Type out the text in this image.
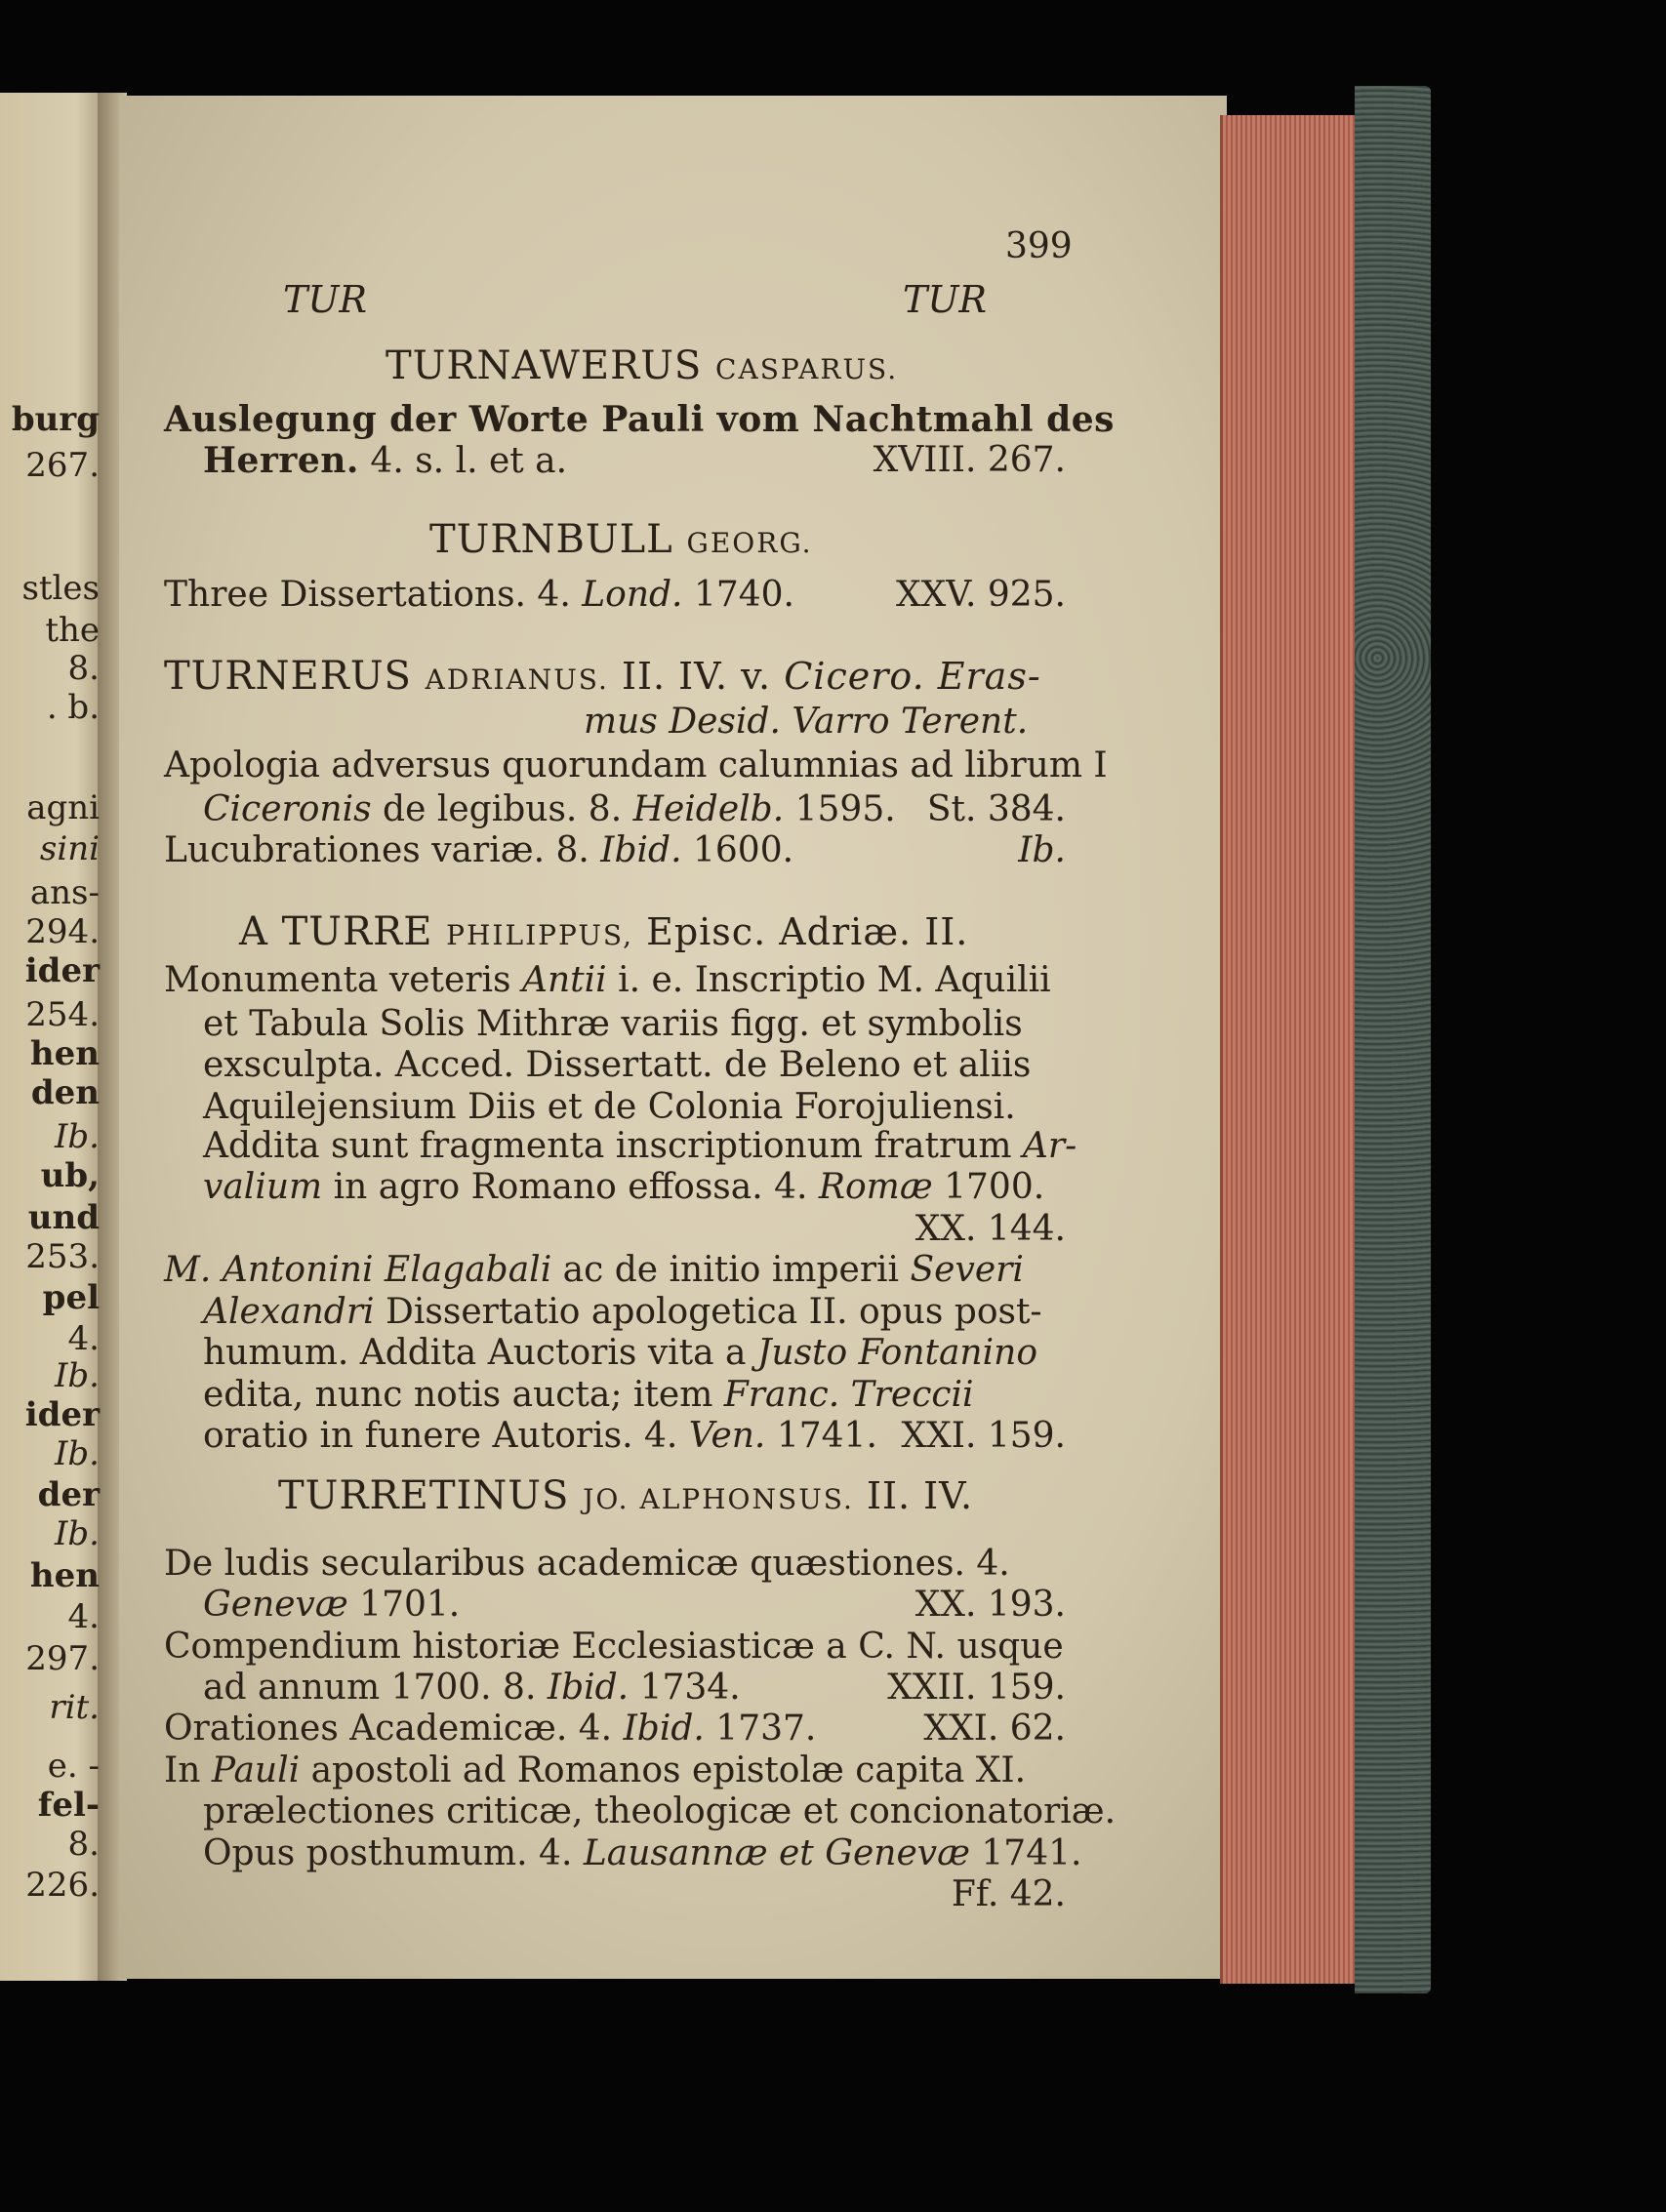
burg
267.
stles
the
8.
. b.
agni
sini
ans-
294.
ider
254.
hen
den
Ib.
ub,
und
253.
pel
4.
Ib.
ider
Ib.
der
Ib.
hen
4.
297.
rit.
e. -
fel-
8.
226.
399
TUR	TUR
TURNAWERUS CASPARUS.
Auslegung der Worte Pauli vom Nachtmahl des
Herren. 4. s. l. et a.	XVIII. 267.
TURNBULL GEORG.
Three Dissertations. 4. Lond. 1740.	XXV. 925.
TURNERUS ADRIANUS. II. IV. v. Cicero. Eras-
mus Desid. Varro Terent.
Apologia adversus quorundam calumnias ad librum I
Ciceronis de legibus. 8. Heidelb. 1595. St. 384.
Lucubrationes variæ. 8. Ibid. 1600.	Ib.
A TURRE PHILIPPUS, Episc. Adriæ. II.
Monumenta veteris Antii i. e. Inscriptio M. Aquilii
et Tabula Solis Mithræ variis figg. et symbolis
exsculpta. Acced. Dissertatt. de Beleno et aliis
Aquilejensium Diis et de Colonia Forojuliensi.
Addita sunt fragmenta inscriptionum fratrum Ar-
valium in agro Romano effossa. 4. Romæ 1700.
XX. 144.
M. Antonini Elagabali ac de initio imperii Severi
Alexandri Dissertatio apologetica II. opus post-
humum. Addita Auctoris vita a Justo Fontanino
edita, nunc notis aucta; item Franc. Treccii
oratio in funere Autoris. 4. Ven. 1741. XXI. 159.
TURRETINUS JO. ALPHONSUS. II. IV.
De ludis secularibus academicæ quæstiones. 4.
Genevæ 1701.	XX. 193.
Compendium historiæ Ecclesiasticæ a C. N. usque
ad annum 1700. 8. Ibid. 1734.	XXII. 159.
Orationes Academicæ. 4. Ibid. 1737.	XXI. 62.
In Pauli apostoli ad Romanos epistolæ capita XI.
prælectiones criticæ, theologicæ et concionatoriæ.
Opus posthumum. 4. Lausannæ et Genevæ 1741.
Ff. 42.
